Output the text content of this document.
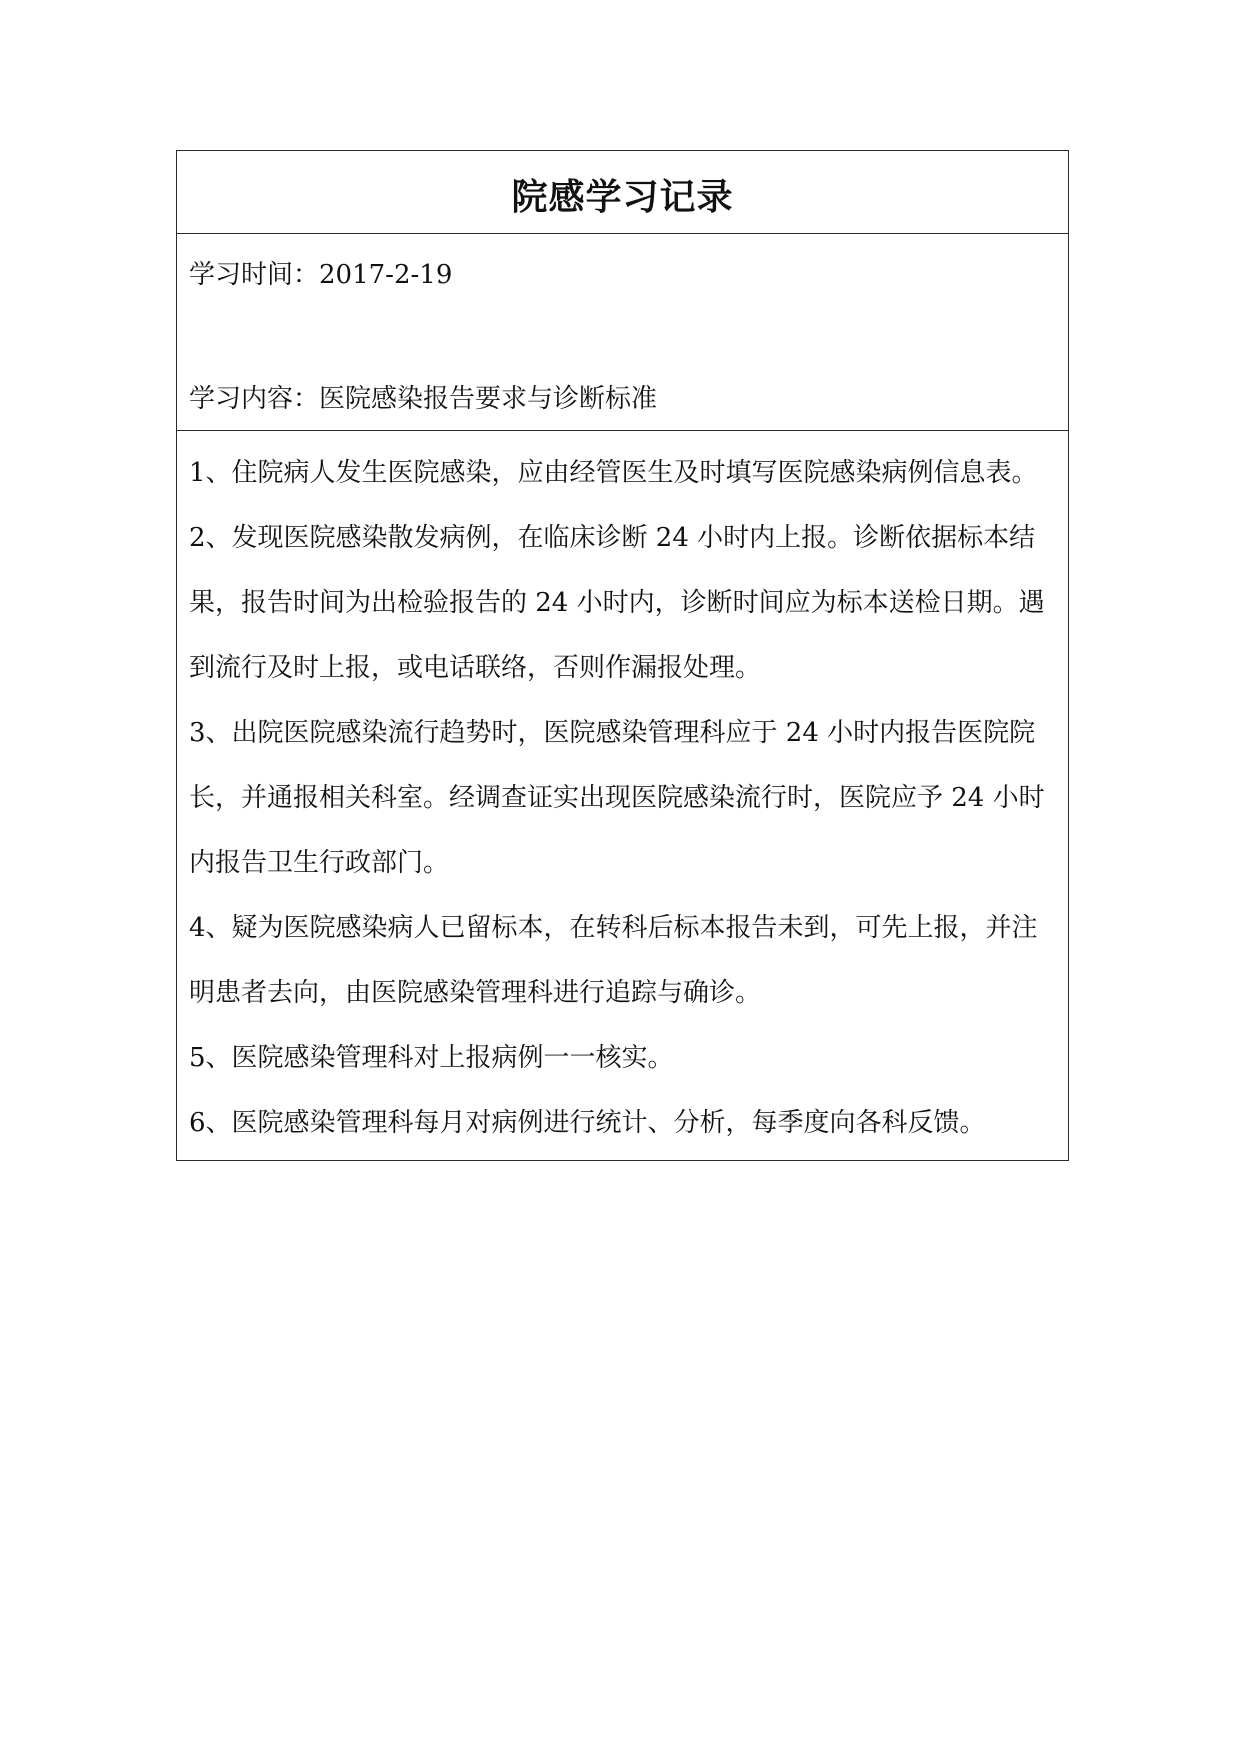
院感学习记录
学习时间：2017-2-19
学习内容：医院感染报告要求与诊断标准

1、住院病人发生医院感染，应由经管医生及时填写医院感染病例信息表。

2、发现医院感染散发病例，在临床诊断 24 小时内上报。诊断依据标本结果，报告时间为出检验报告的 24 小时内，诊断时间应为标本送检日期。遇到流行及时上报，或电话联络，否则作漏报处理。

3、出院医院感染流行趋势时，医院感染管理科应于 24 小时内报告医院院长，并通报相关科室。经调查证实出现医院感染流行时，医院应予 24 小时内报告卫生行政部门。

4、疑为医院感染病人已留标本，在转科后标本报告未到，可先上报，并注明患者去向，由医院感染管理科进行追踪与确诊。

5、医院感染管理科对上报病例一一核实。

6、医院感染管理科每月对病例进行统计、分析，每季度向各科反馈。
